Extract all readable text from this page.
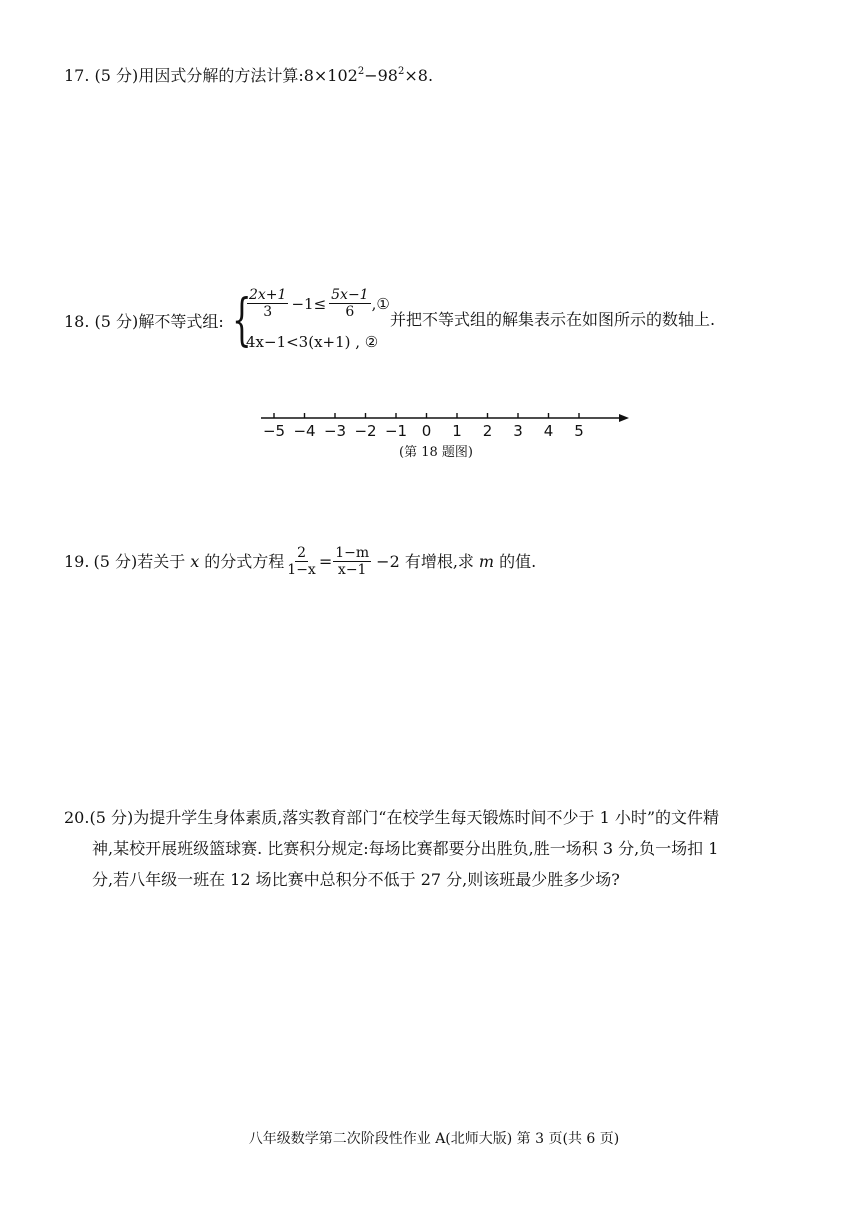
17. (5 分)用因式分解的方法计算$:8\times 102^2-98^2\times 8$.
18. (5 分)解不等式组: {
$\frac{2x+1}{3} -1\le \frac{5x-1}{6}$ ,①
4x−1<3(x+1) , ②
并把不等式组的解集表示在如图所示的数轴上.
−5 −4 −3 −2 −1 0	1	2	3	4	5
(第 18 题图)
19. (5 分) 若关于 x 的分式方程 $\frac{2}{1-x} = \frac{1-m}{x-1} -2$ 有增根,求 m 的值.
20.(5 分)为提升学生身体素质,落实教育部门“在校学生每天锻炼时间不少于 1 小时”的文件精
神,某校开展班级篮球赛. 比赛积分规定:每场比赛都要分出胜负,胜一场积 3 分,负一场扣 1
分,若八年级一班在 12 场比赛中总积分不低于 27 分,则该班最少胜多少场?
八年级数学第二次阶段性作业 A(北师大版) 第 3 页(共 6 页)
